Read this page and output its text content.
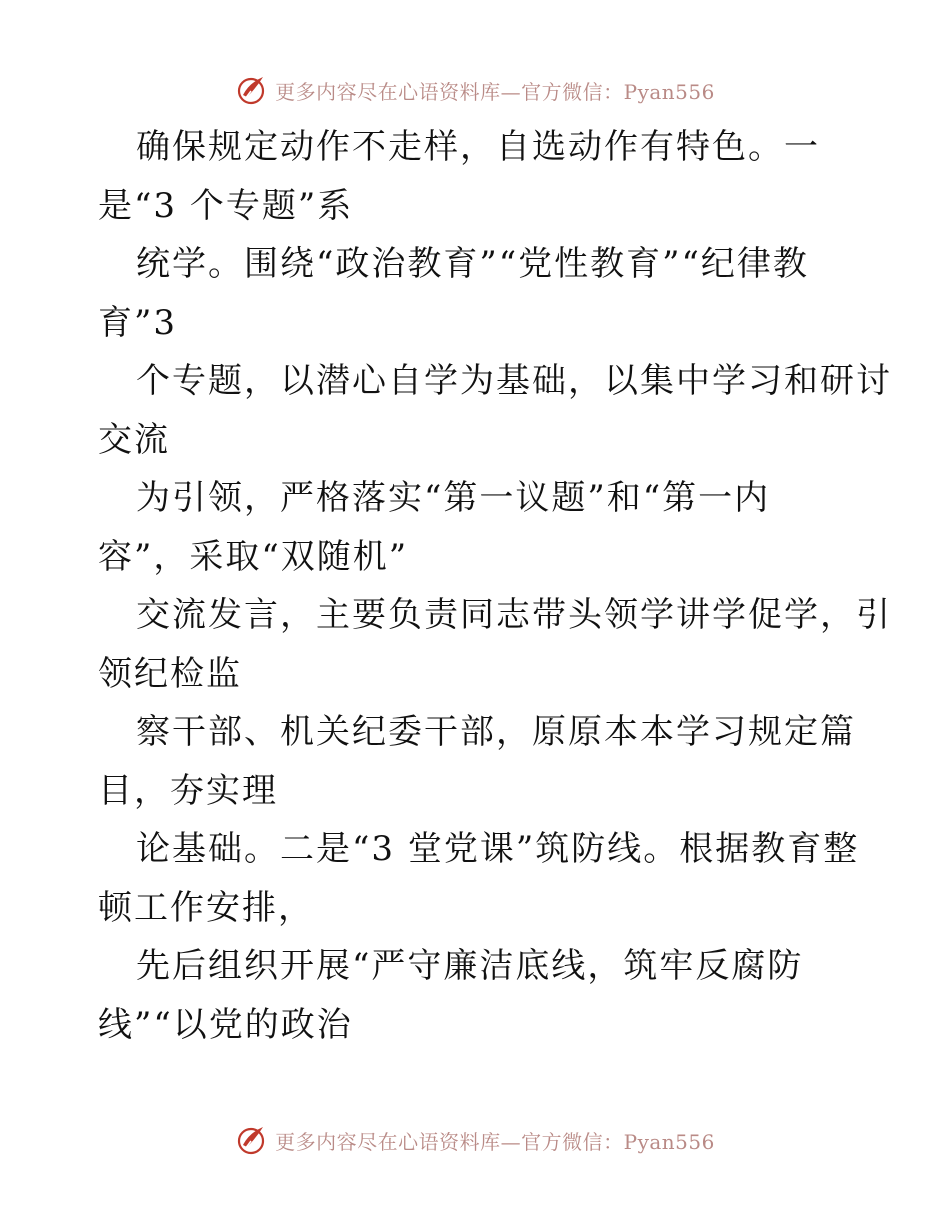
更多内容尽在心语资料库—官方微信：Pyan556
确保规定动作不走样，自选动作有特色。一
是“3 个专题”系
统学。围绕“政治教育”“党性教育”“纪律教
育”3
个专题，以潜心自学为基础，以集中学习和研讨
交流
为引领，严格落实“第一议题”和“第一内
容”，采取“双随机”
交流发言，主要负责同志带头领学讲学促学，引
领纪检监
察干部、机关纪委干部，原原本本学习规定篇
目，夯实理
论基础。二是“3 堂党课”筑防线。根据教育整
顿工作安排，
先后组织开展“严守廉洁底线，筑牢反腐防
线”“以党的政治
更多内容尽在心语资料库—官方微信：Pyan556
